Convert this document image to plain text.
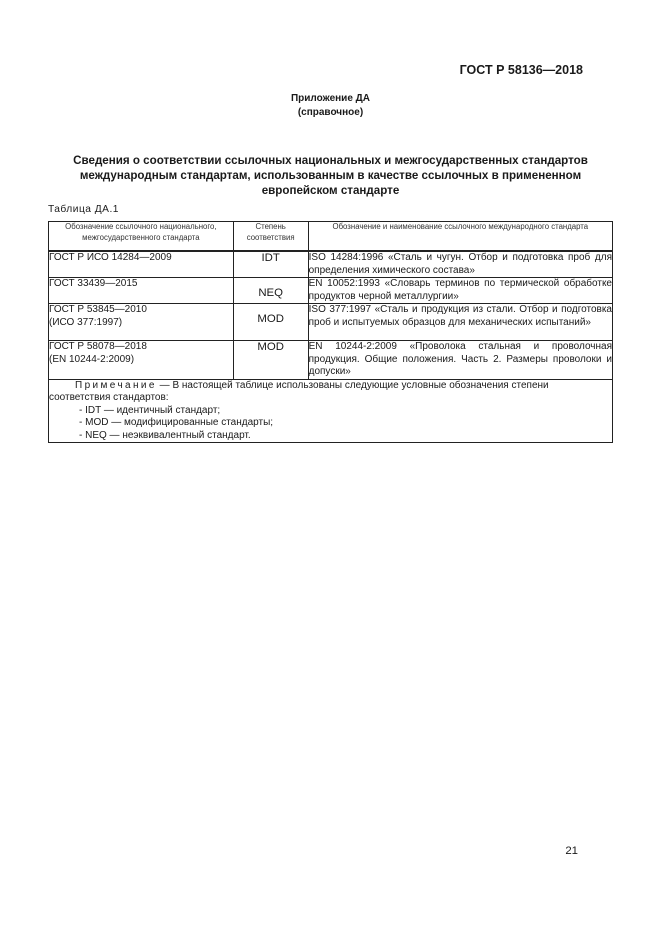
ГОСТ Р 58136—2018
Приложение ДА
(справочное)
Сведения о соответствии ссылочных национальных и межгосударственных стандартов
международным стандартам, использованным в качестве ссылочных в примененном
европейском стандарте
Таблица ДА.1
Обозначение ссылочного национального, межгосударственного стандарта	Степень соответствия	Обозначение и наименование ссылочного международного стандарта

ГОСТ Р ИСО 14284—2009	IDT	ISO 14284:1996 «Сталь и чугун. Отбор и подготовка проб для определения химического состава»

ГОСТ 33439—2015	NEQ	EN 10052:1993 «Словарь терминов по термической обработке продуктов черной металлургии»

ГОСТ Р 53845—2010
(ИСО 377:1997)	MOD	ISO 377:1997 «Сталь и продукция из стали. Отбор и подготовка проб и испытуемых образцов для механических испытаний»

ГОСТ Р 58078—2018
(EN 10244-2:2009)	MOD	EN 10244-2:2009 «Проволока стальная и проволочная продукция. Общие положения. Часть 2. Размеры проволоки и допуски»

Примечание — В настоящей таблице использованы следующие условные обозначения степени соответствия стандартов:
- IDT — идентичный стандарт;
- MOD — модифицированные стандарты;
- NEQ — неэквивалентный стандарт.		
21
